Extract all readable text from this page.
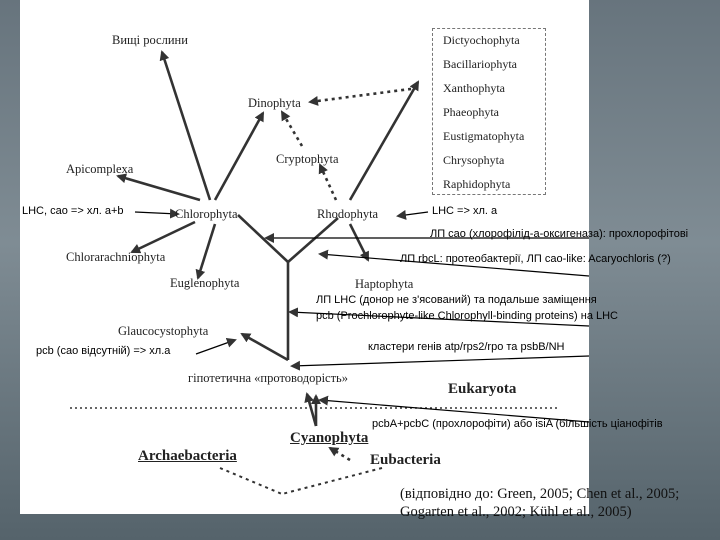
Вищі рослини
Dinophyta
Apicomplexa
Chlorophyta
Cryptophyta
Rhodophyta
Chlorarachniophyta
Euglenophyta	Haptophyta
Glaucocystophyta
гіпотетична «протоводорість»
Eukaryota
Cyanophyta
Archaebacteria	Eubacteria
Dictyochophyta
Bacillariophyta
Xanthophyta
Phaeophyta
Eustigmatophyta
Chrysophyta
Raphidophyta
LHC, cao => хл. а+b	LHC => хл. а
ЛП cao (хлорофілід-а-оксигеназа): прохлорофітові
ЛП rbcL: протеобактерії, ЛП cao-like: Acaryochloris (?)
ЛП LHC (донор не з'ясований) та подальше заміщення
pcb (Prochlorophyte-like Chlorophyll-binding proteins) на LHC
pcb (cao відсутній) => хл.а	кластери генів atp/rps2/rpo та psbB/NH
pcbA+pcbC (прохлорофіти) або isiA (більшість ціанофітів
(відповідно до: Green, 2005; Chen et al., 2005;
Gogarten et al., 2002; Kühl et al., 2005)
